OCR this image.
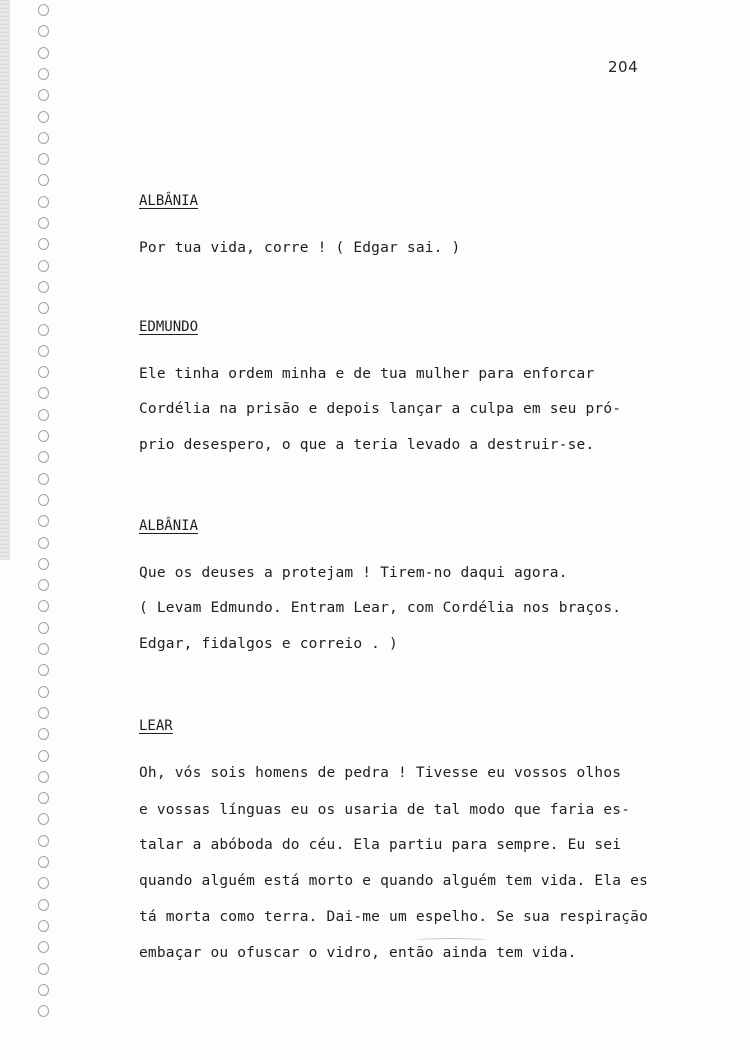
204
ALBÂNIA
Por tua vida, corre ! ( Edgar sai. )
EDMUNDO
Ele tinha ordem minha e de tua mulher para enforcar
Cordélia na prisão e depois lançar a culpa em seu pró-
prio desespero, o que a teria levado a destruir-se.
ALBÂNIA
Que os deuses a protejam ! Tirem-no daqui agora.
( Levam Edmundo. Entram Lear, com Cordélia nos braços.
Edgar, fidalgos e correio . )
LEAR
Oh, vós sois homens de pedra ! Tivesse eu vossos olhos
e vossas línguas eu os usaria de tal modo que faria es-
talar a abóboda do céu. Ela partiu para sempre. Eu sei
quando alguém está morto e quando alguém tem vida. Ela es
tá morta como terra. Dai-me um espelho. Se sua respiração
embaçar ou ofuscar o vidro, então ainda tem vida.
